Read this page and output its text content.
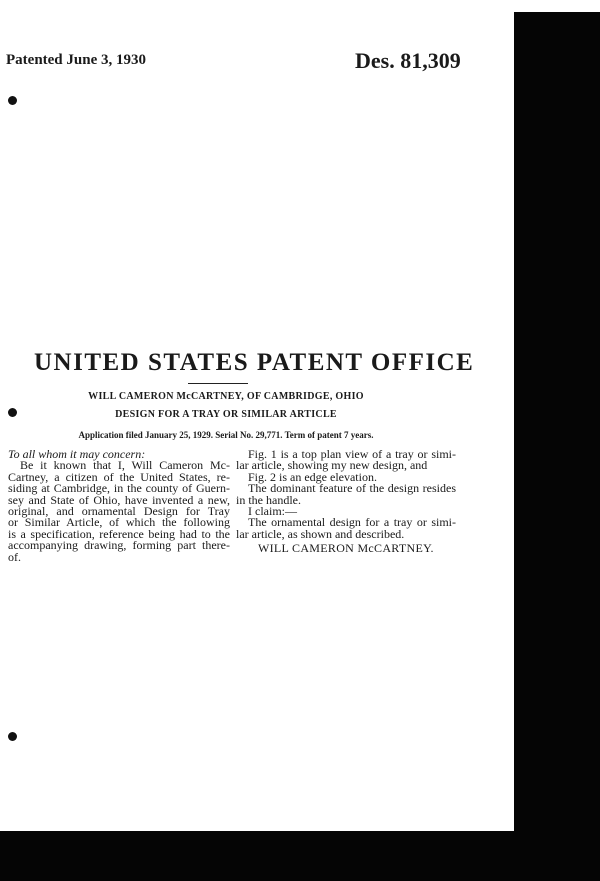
Patented June 3, 1930	Des. 81,309
UNITED STATES PATENT OFFICE
WILL CAMERON McCARTNEY, OF CAMBRIDGE, OHIO
DESIGN FOR A TRAY OR SIMILAR ARTICLE
Application filed January 25, 1929. Serial No. 29,771. Term of patent 7 years.

To all whom it may concern:

Be it known that I, Will Cameron Mc-

Cartney, a citizen of the United States, re-

siding at Cambridge, in the county of Guern-

sey and State of Ohio, have invented a new,

original, and ornamental Design for Tray

or Similar Article, of which the following

is a specification, reference being had to the

accompanying drawing, forming part there-

of.

Fig. 1 is a top plan view of a tray or simi-

lar article, showing my new design, and

Fig. 2 is an edge elevation.

The dominant feature of the design resides

in the handle.

I claim:—

The ornamental design for a tray or simi-

lar article, as shown and described.

WILL CAMERON McCARTNEY.
